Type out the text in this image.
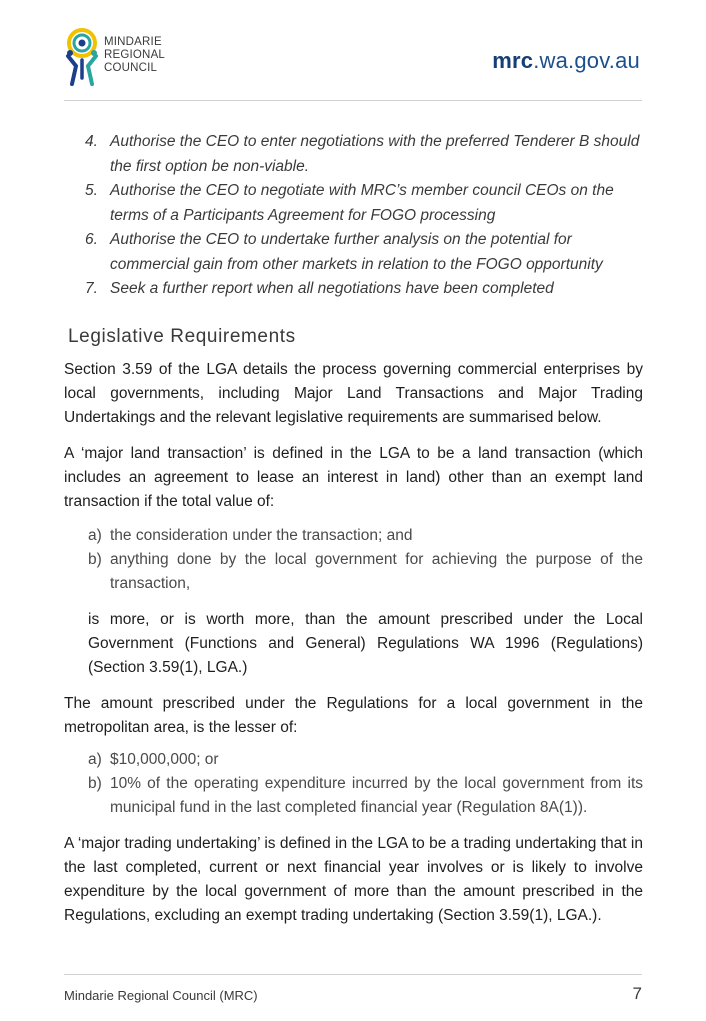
MINDARIE
REGIONAL
COUNCIL	mrc.wa.gov.au
4. Authorise the CEO to enter negotiations with the preferred Tenderer B should the first option be non-viable.
5. Authorise the CEO to negotiate with MRC’s member council CEOs on the terms of a Participants Agreement for FOGO processing
6. Authorise the CEO to undertake further analysis on the potential for commercial gain from other markets in relation to the FOGO opportunity
7. Seek a further report when all negotiations have been completed
Legislative Requirements
Section 3.59 of the LGA details the process governing commercial enterprises by local governments, including Major Land Transactions and Major Trading Undertakings and the relevant legislative requirements are summarised below.
A ‘major land transaction’ is defined in the LGA to be a land transaction (which includes an agreement to lease an interest in land) other than an exempt land transaction if the total value of:
a) the consideration under the transaction; and
b) anything done by the local government for achieving the purpose of the transaction,
is more, or is worth more, than the amount prescribed under the Local Government (Functions and General) Regulations WA 1996 (Regulations) (Section 3.59(1), LGA.)
The amount prescribed under the Regulations for a local government in the metropolitan area, is the lesser of:
a) $10,000,000; or
b) 10% of the operating expenditure incurred by the local government from its municipal fund in the last completed financial year (Regulation 8A(1)).
A ‘major trading undertaking’ is defined in the LGA to be a trading undertaking that in the last completed, current or next financial year involves or is likely to involve expenditure by the local government of more than the amount prescribed in the Regulations, excluding an exempt trading undertaking (Section 3.59(1), LGA.).
Mindarie Regional Council (MRC)	7
